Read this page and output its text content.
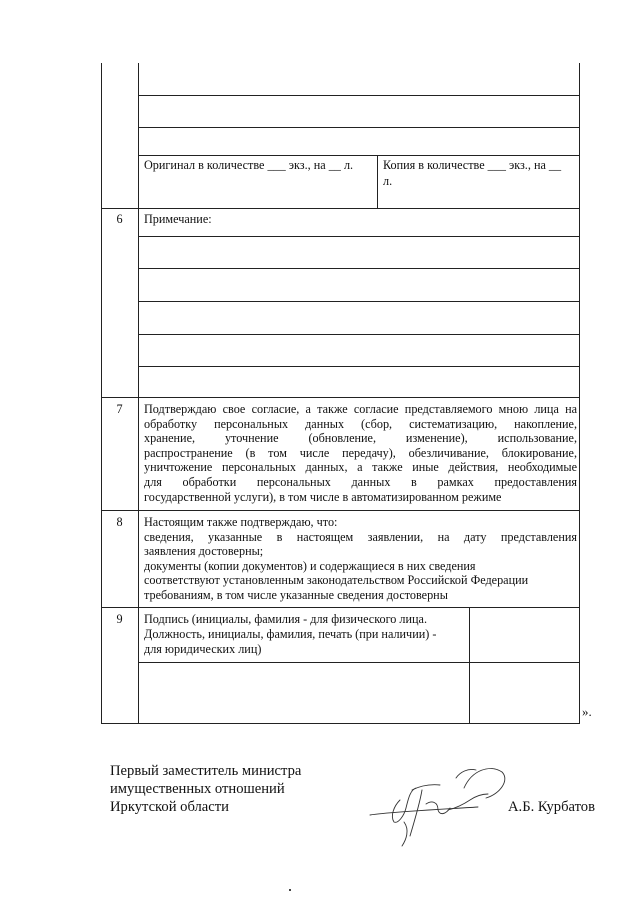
Оригинал в количестве ___ экз., на __ л. Копия в количестве ___ экз., на __
л.
6	Примечание:
7	Подтверждаю свое согласие, а также согласие представляемого мною лица на
обработку персональных данных (сбор, систематизацию, накопление,
хранение, уточнение (обновление, изменение), использование,
распространение (в том числе передачу), обезличивание, блокирование,
уничтожение персональных данных, а также иные действия, необходимые
для обработки персональных данных в рамках предоставления
государственной услуги), в том числе в автоматизированном режиме
8	Настоящим также подтверждаю, что:
сведения, указанные в настоящем заявлении, на дату представления
заявления достоверны;
документы (копии документов) и содержащиеся в них сведения
соответствуют установленным законодательством Российской Федерации
требованиям, в том числе указанные сведения достоверны
9	Подпись (инициалы, фамилия - для физического лица.
Должность, инициалы, фамилия, печать (при наличии) -
для юридических лиц)
».
Первый заместитель министра
имущественных отношений
Иркутской области	А.Б. Курбатов
